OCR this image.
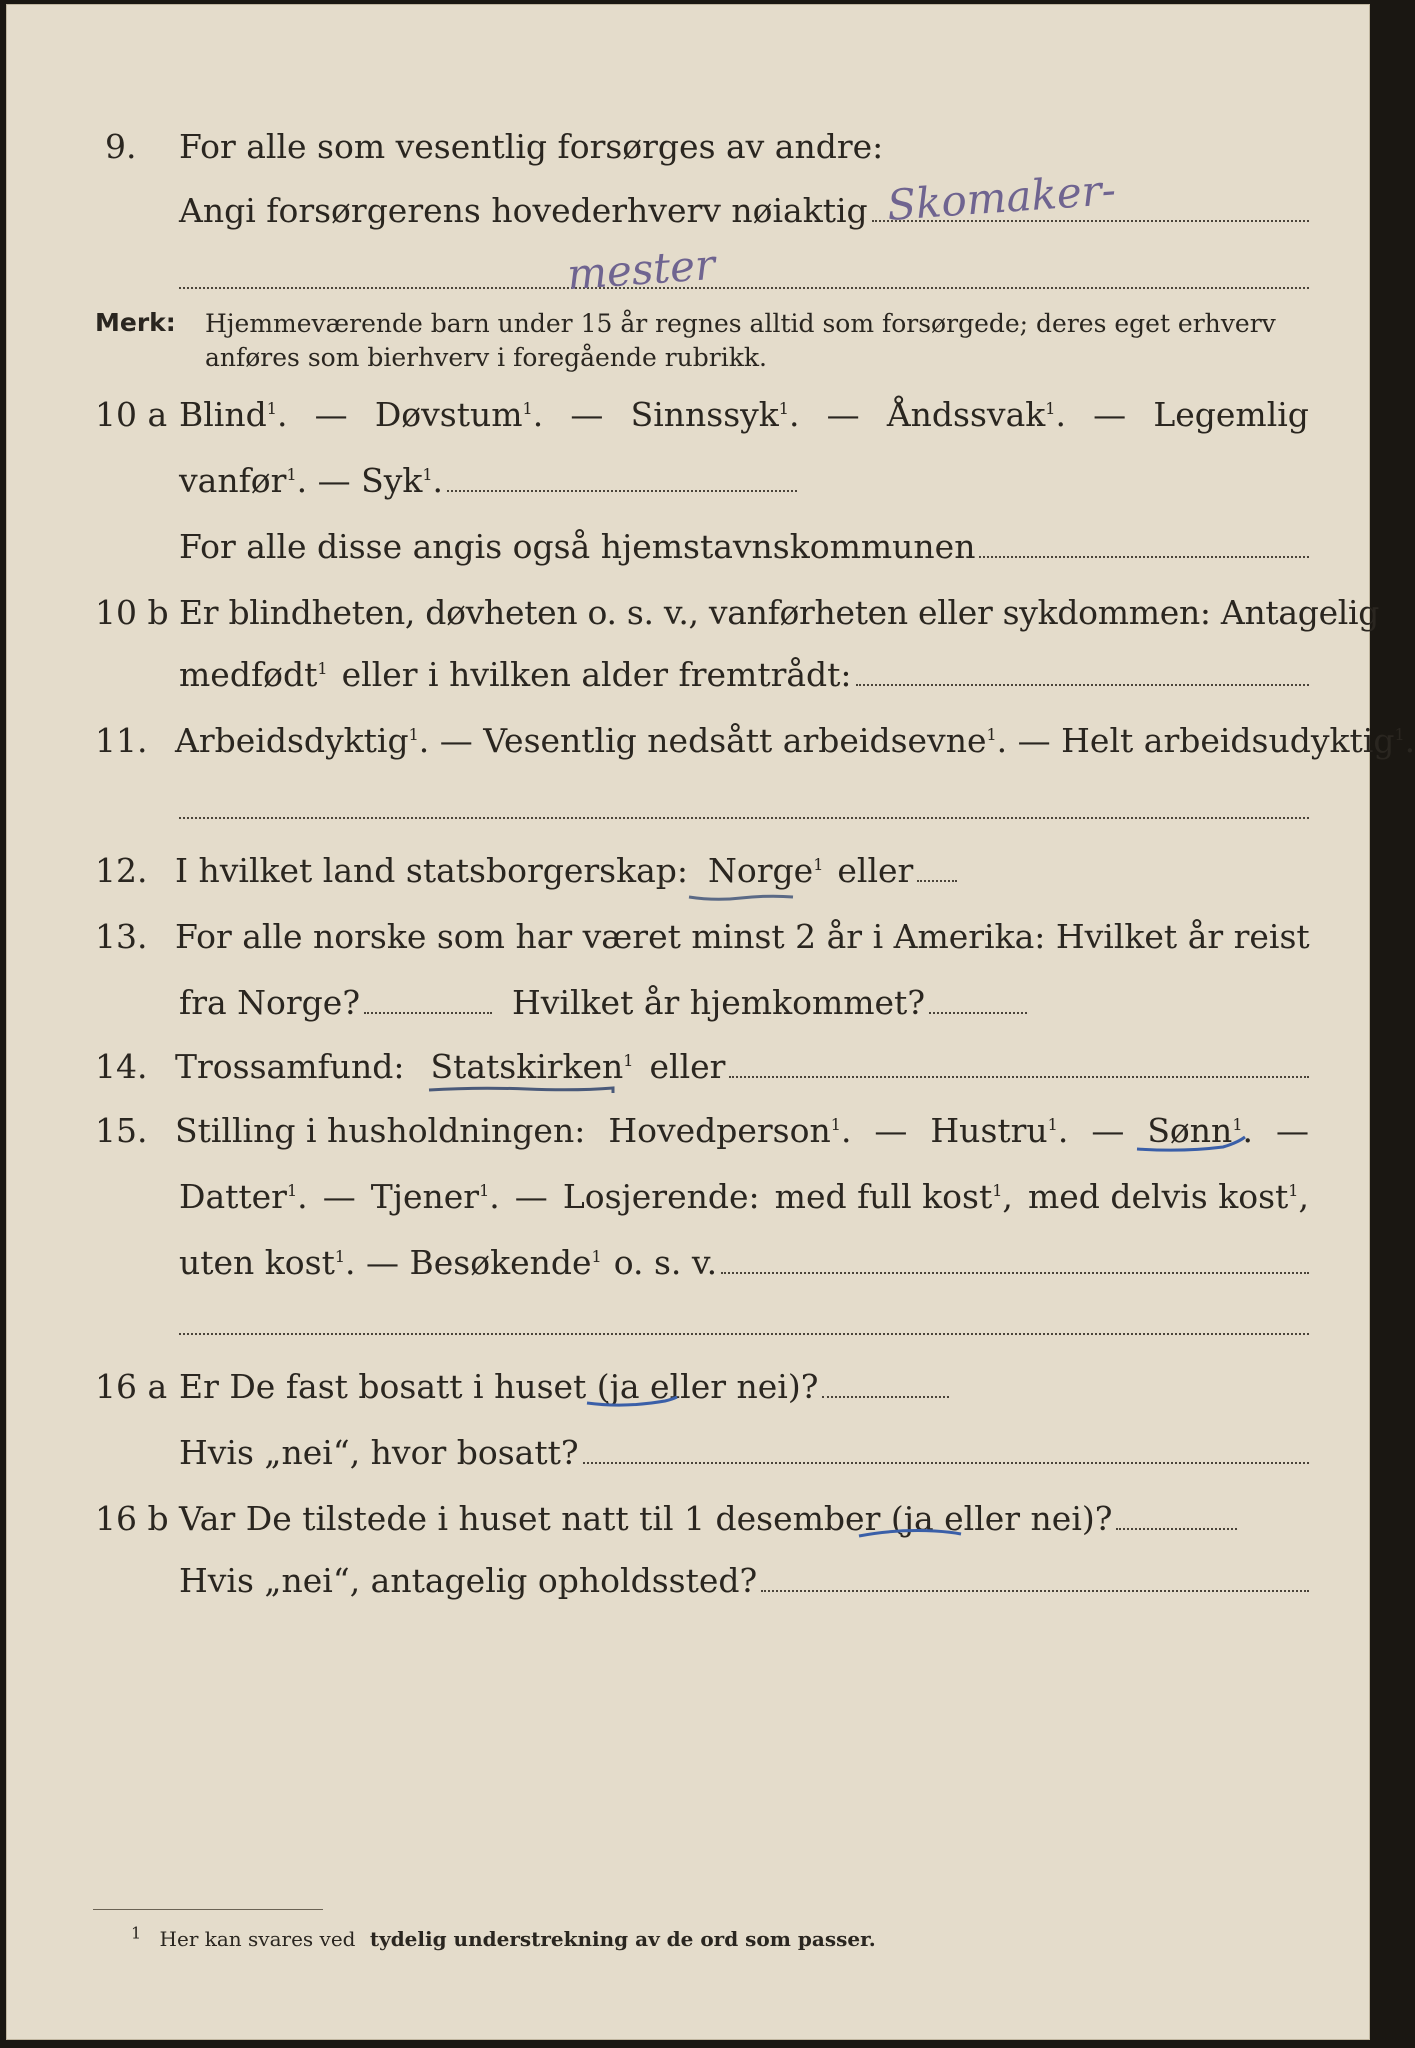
9. For alle som vesentlig forsørges av andre:
Angi forsørgerens hovederhverv nøiaktig Skomaker-
mester
Merk: Hjemmeværende barn under 15 år regnes alltid som forsørgede; deres eget erhverv
anføres som bierhverv i foregående rubrikk.
10 a Blind$^1$. — Døvstum$^1$. — Sinnssyk$^1$. — Åndssvak$^1$. — Legemlig
vanfør$^1$. — Syk$^1$.
For alle disse angis også hjemstavnskommunen
10 b Er blindheten, døvheten o. s. v., vanførheten eller sykdommen: Antagelig
medfødt$^1$ eller i hvilken alder fremtrådt:
11. Arbeidsdyktig$^1$. — Vesentlig nedsått arbeidsevne$^1$. — Helt arbeidsudyktig$^1$.
12. I hvilket land statsborgerskap: Norge$^1$ eller
13. For alle norske som har været minst 2 år i Amerika: Hvilket år reist
fra Norge?	Hvilket år hjemkommet?
14. Trossamfund: Statskirken$^1$ eller
15. Stilling i husholdningen: Hovedperson$^1$. — Hustru$^1$. — Sønn$^1$. —
Datter$^1$. — Tjener$^1$. — Losjerende: med full kost$^1$, med delvis kost$^1$,
uten kost$^1$. — Besøkende$^1$ o. s. v.
16 a Er De fast bosatt i huset (ja eller nei)?
Hvis „nei“, hvor bosatt?
16 b Var De tilstede i huset natt til 1 desember (ja eller nei)?
Hvis „nei“, antagelig opholdssted?
$^1$ Her kan svares ved tydelig understrekning av de ord som passer.
